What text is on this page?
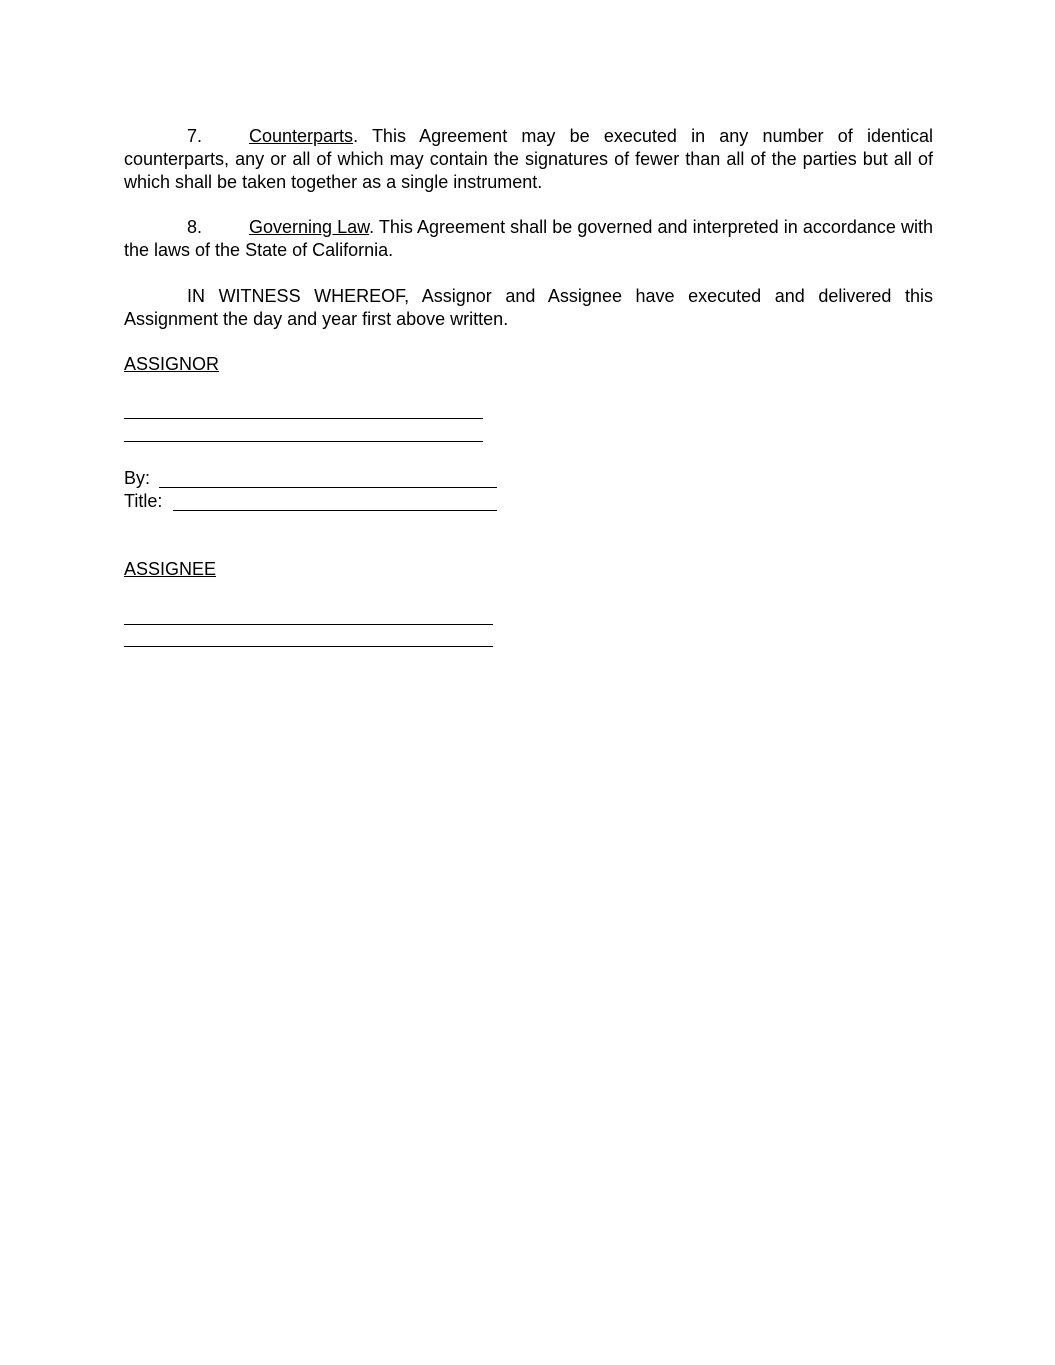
7.	Counterparts. This Agreement may be executed in any number of identical counterparts, any or all of which may contain the signatures of fewer than all of the parties but all of which shall be taken together as a single instrument.

8.	Governing Law. This Agreement shall be governed and interpreted in accordance with the laws of the State of California.

IN WITNESS WHEREOF, Assignor and Assignee have executed and delivered this Assignment the day and year first above written.

ASSIGNOR

By:
Title:

ASSIGNEE
